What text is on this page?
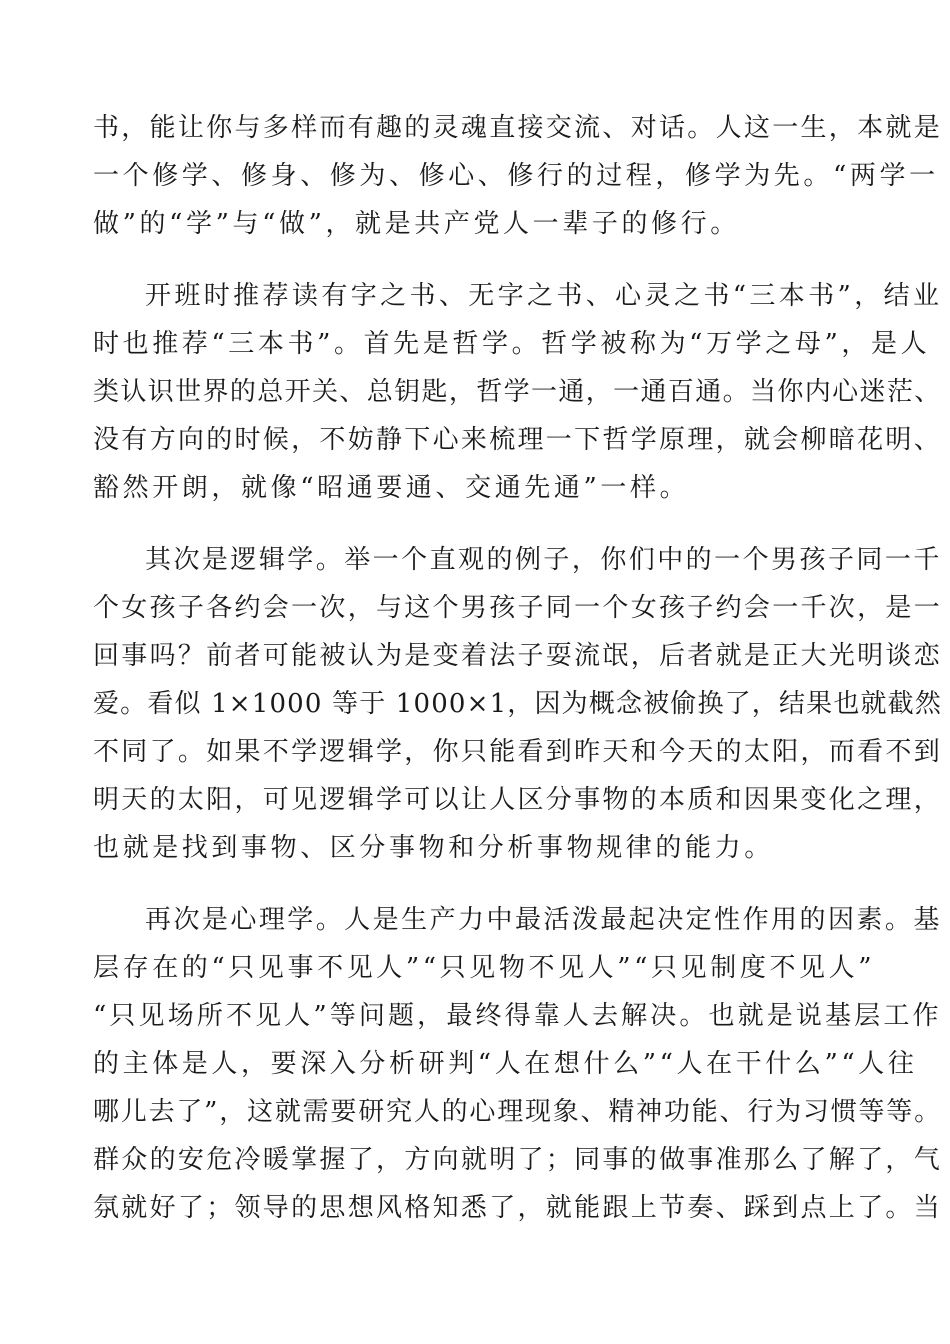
书，能让你与多样而有趣的灵魂直接交流、对话。人这一生，本就是
一个修学、修身、修为、修心、修行的过程，修学为先。“两学一
做”的“学”与“做”，就是共产党人一辈子的修行。
开班时推荐读有字之书、无字之书、心灵之书“三本书”，结业
时也推荐“三本书”。首先是哲学。哲学被称为“万学之母”，是人
类认识世界的总开关、总钥匙，哲学一通，一通百通。当你内心迷茫、
没有方向的时候，不妨静下心来梳理一下哲学原理，就会柳暗花明、
豁然开朗，就像“昭通要通、交通先通”一样。
其次是逻辑学。举一个直观的例子，你们中的一个男孩子同一千
个女孩子各约会一次，与这个男孩子同一个女孩子约会一千次，是一
回事吗？前者可能被认为是变着法子耍流氓，后者就是正大光明谈恋
爱。看似 1×1000 等于 1000×1，因为概念被偷换了，结果也就截然
不同了。如果不学逻辑学，你只能看到昨天和今天的太阳，而看不到
明天的太阳，可见逻辑学可以让人区分事物的本质和因果变化之理，
也就是找到事物、区分事物和分析事物规律的能力。
再次是心理学。人是生产力中最活泼最起决定性作用的因素。基
层存在的“只见事不见人”“只见物不见人”“只见制度不见人”
“只见场所不见人”等问题，最终得靠人去解决。也就是说基层工作
的主体是人，要深入分析研判“人在想什么”“人在干什么”“人往
哪儿去了”，这就需要研究人的心理现象、精神功能、行为习惯等等。
群众的安危冷暖掌握了，方向就明了；同事的做事准那么了解了，气
氛就好了；领导的思想风格知悉了，就能跟上节奏、踩到点上了。当
